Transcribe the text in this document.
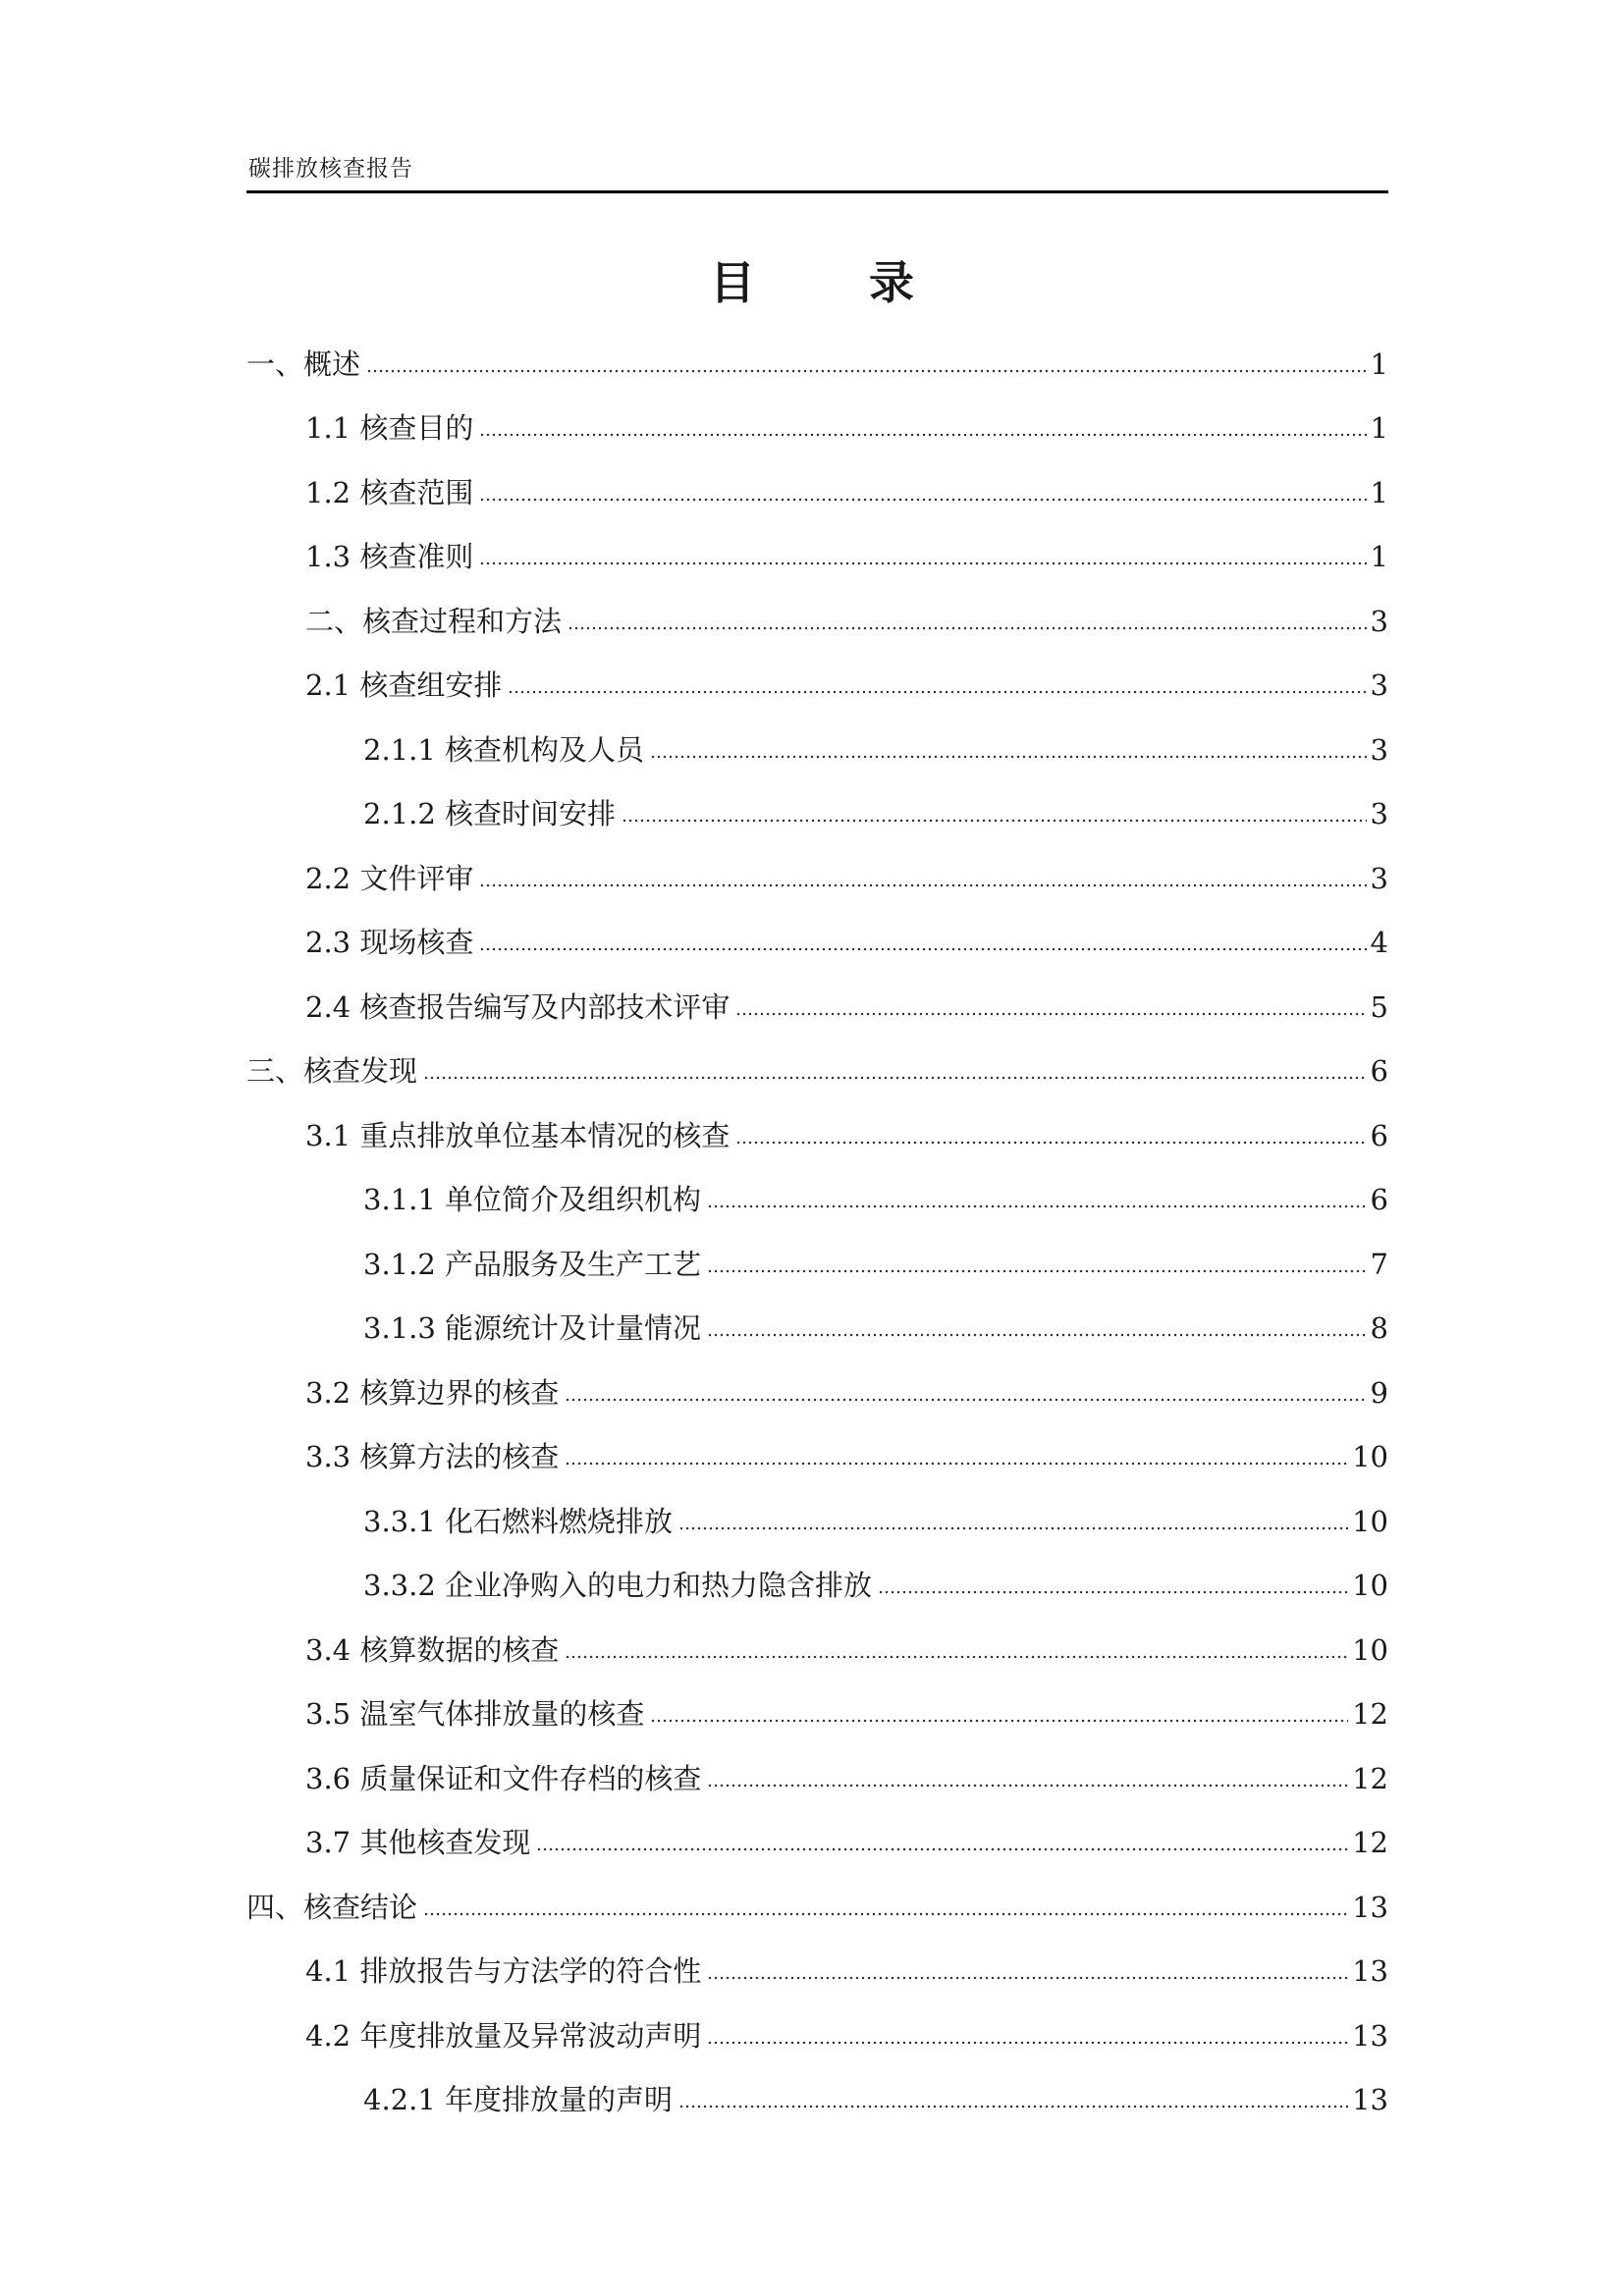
碳排放核查报告
目 录
一、概述	1
1.1 核查目的	1
1.2 核查范围	1
1.3 核查准则	1
二、核查过程和方法	3
2.1 核查组安排	3
2.1.1 核查机构及人员	3
2.1.2 核查时间安排	3
2.2 文件评审	3
2.3 现场核查	4
2.4 核查报告编写及内部技术评审	5
三、核查发现	6
3.1 重点排放单位基本情况的核查	6
3.1.1 单位简介及组织机构	6
3.1.2 产品服务及生产工艺	7
3.1.3 能源统计及计量情况	8
3.2 核算边界的核查	9
3.3 核算方法的核查	10
3.3.1 化石燃料燃烧排放	10
3.3.2 企业净购入的电力和热力隐含排放	10
3.4 核算数据的核查	10
3.5 温室气体排放量的核查	12
3.6 质量保证和文件存档的核查	12
3.7 其他核查发现	12
四、核查结论	13
4.1 排放报告与方法学的符合性	13
4.2 年度排放量及异常波动声明	13
4.2.1 年度排放量的声明	13
